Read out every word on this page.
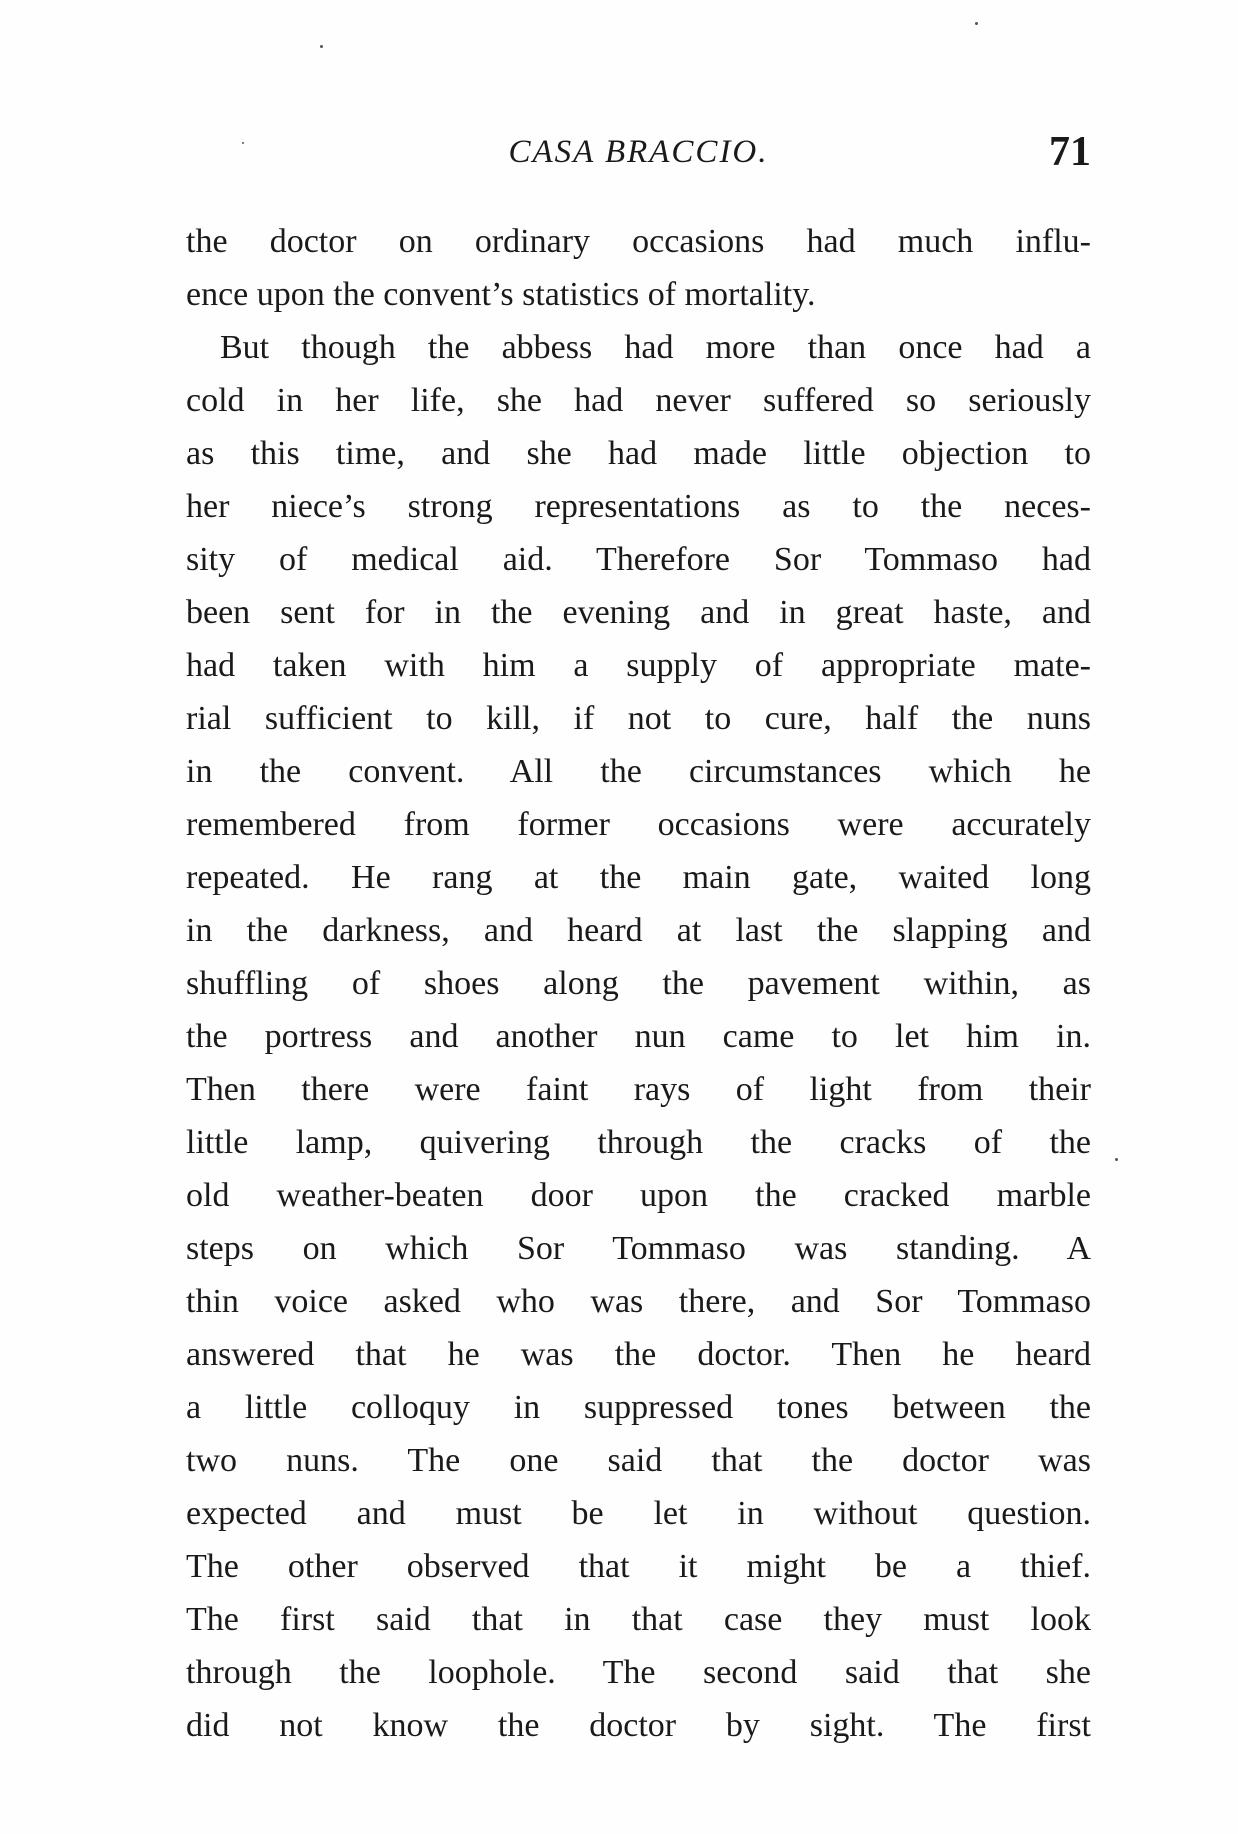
CASA BRACCIO.	71
the doctor on ordinary occasions had much influ-
ence upon the convent’s statistics of mortality.
But though the abbess had more than once had a
cold in her life, she had never suffered so seriously
as this time, and she had made little objection to
her niece’s strong representations as to the neces-
sity of medical aid. Therefore Sor Tommaso had
been sent for in the evening and in great haste, and
had taken with him a supply of appropriate mate-
rial sufficient to kill, if not to cure, half the nuns
in the convent. All the circumstances which he
remembered from former occasions were accurately
repeated. He rang at the main gate, waited long
in the darkness, and heard at last the slapping and
shuffling of shoes along the pavement within, as
the portress and another nun came to let him in.
Then there were faint rays of light from their
little lamp, quivering through the cracks of the
old weather-beaten door upon the cracked marble
steps on which Sor Tommaso was standing. A
thin voice asked who was there, and Sor Tommaso
answered that he was the doctor. Then he heard
a little colloquy in suppressed tones between the
two nuns. The one said that the doctor was
expected and must be let in without question.
The other observed that it might be a thief.
The first said that in that case they must look
through the loophole. The second said that she
did not know the doctor by sight. The first
